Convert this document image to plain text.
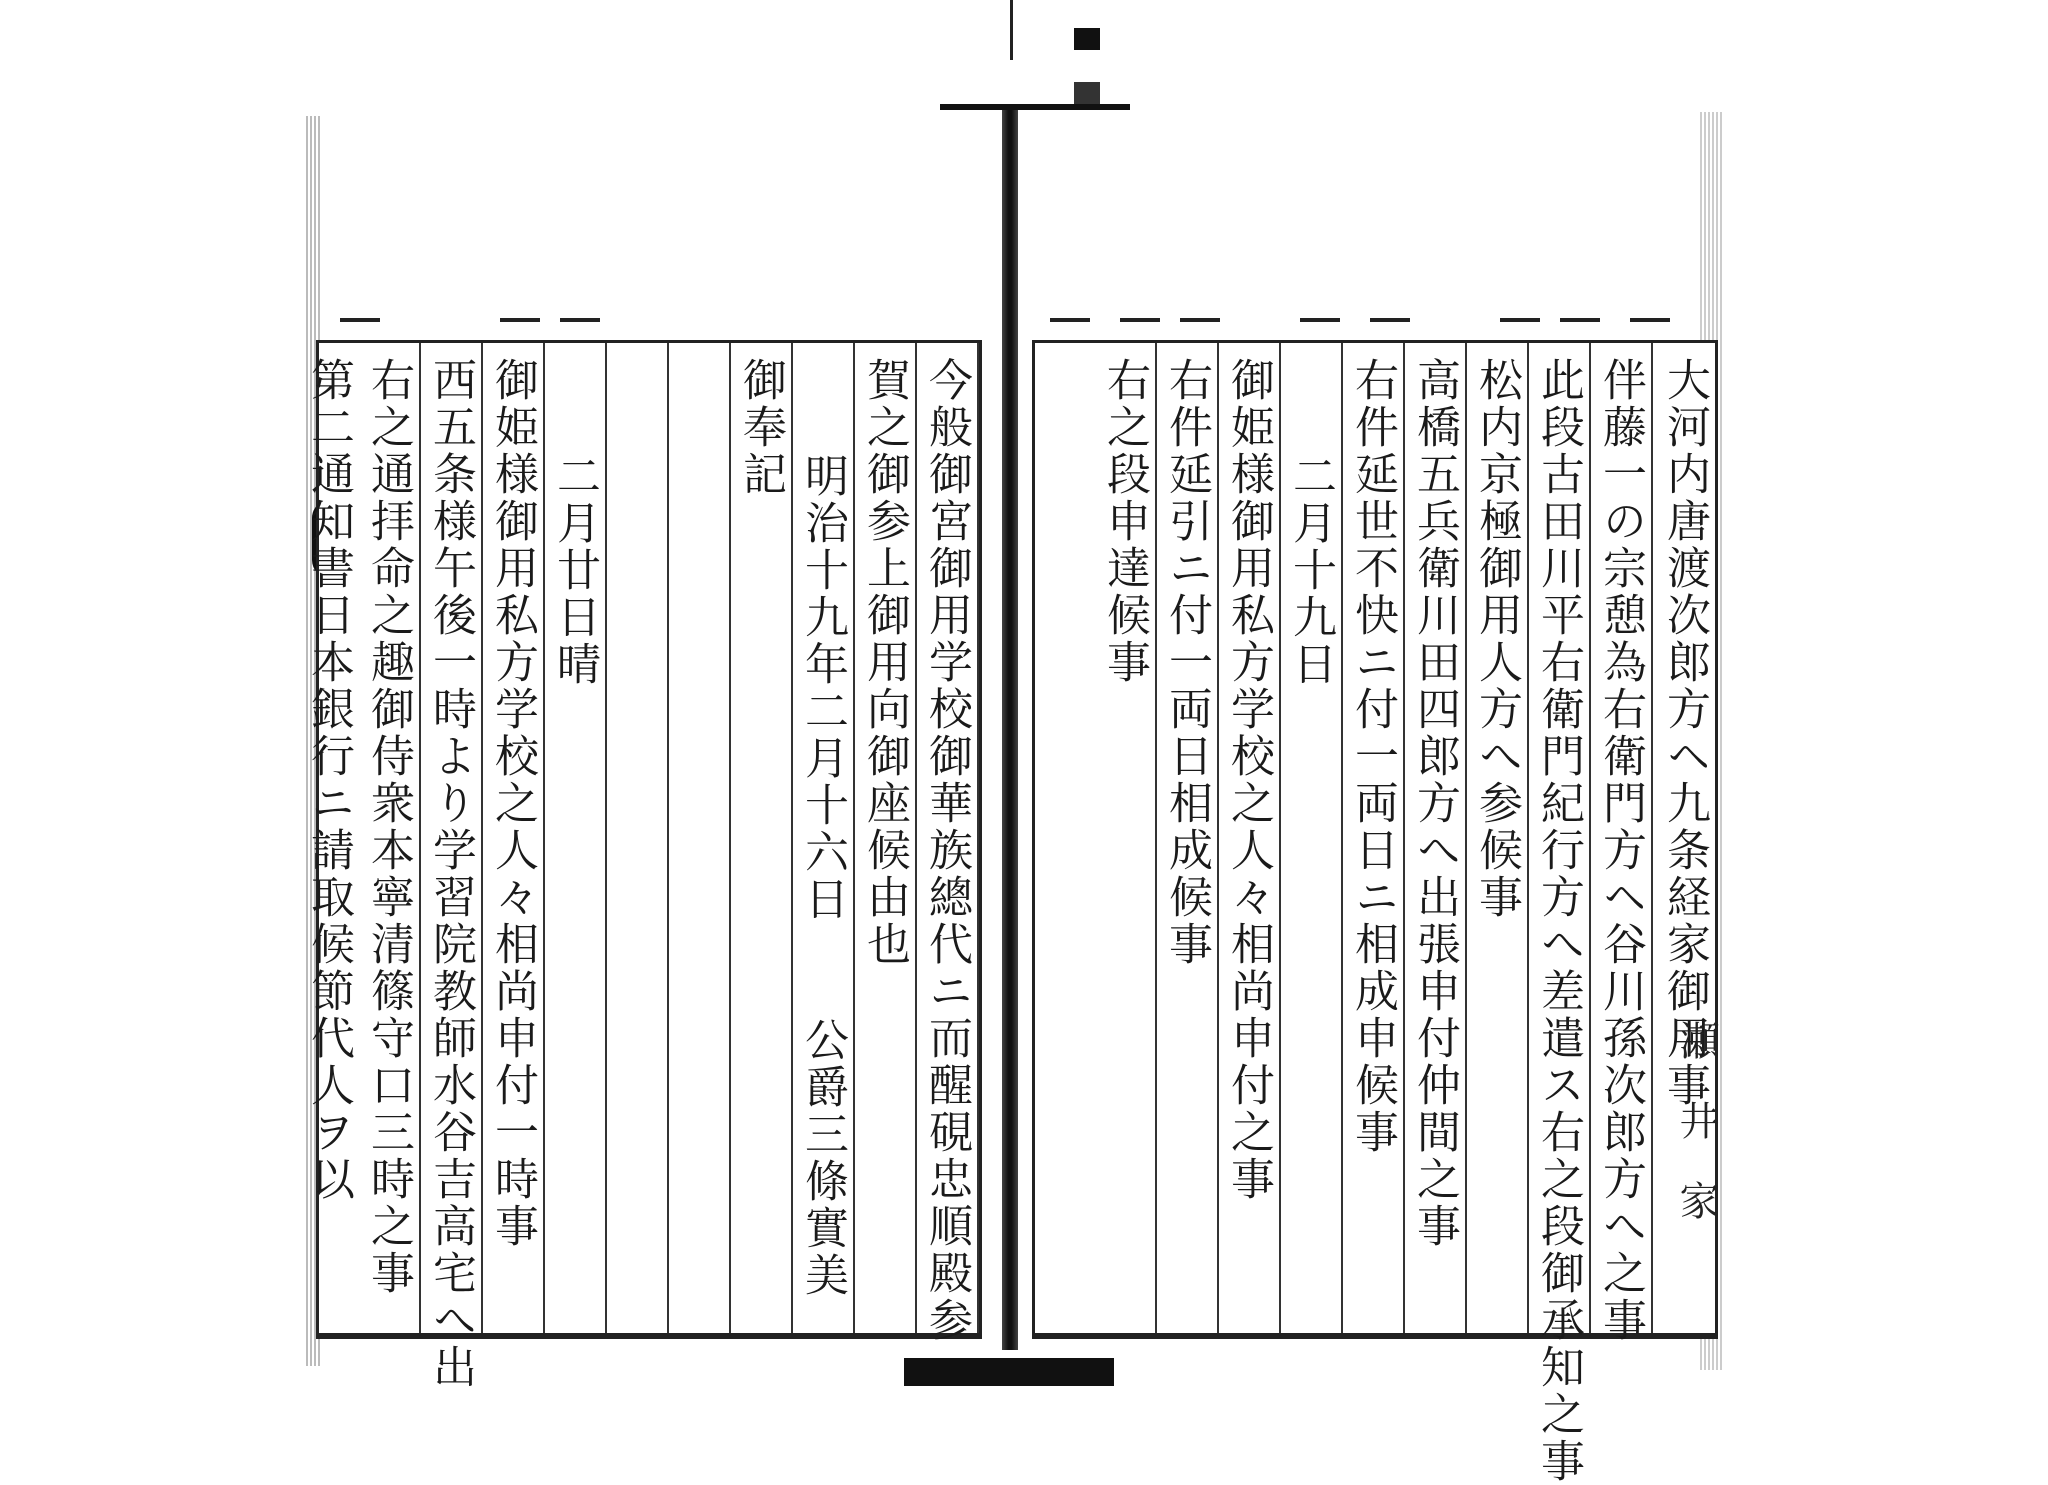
今般御宮御用学校御華族總代ニ而醒硯忠順殿参
賀之御参上御用向御座候由也
明治十九年二月十六日　　公爵三條實美
御奉記
二月廿日晴
御姫様御用私方学校之人々相尚申付一時事
西五条様午後一時より学習院教師水谷吉高宅へ出
右之通拝命之趣御侍衆本寧清篠守口三時之事
第二通知書日本銀行ニ請取候節代人ヲ以	大河内唐渡次郎方ヘ九条経家御用事
伴藤一の宗憩為右衛門方ヘ谷川孫次郎方へ之事
此段古田川平右衛門紀行方へ差遣ス右之段御承知之事
松内京極御用人方へ参候事
高橋五兵衛川田四郎方へ出張申付仲間之事
右件延世不快ニ付一両日ニ相成申候事
二月十九日
御姫様御用私方学校之人々相尚申付之事
右件延引ニ付一両日相成候事
右之段申達候事
瀬井家
